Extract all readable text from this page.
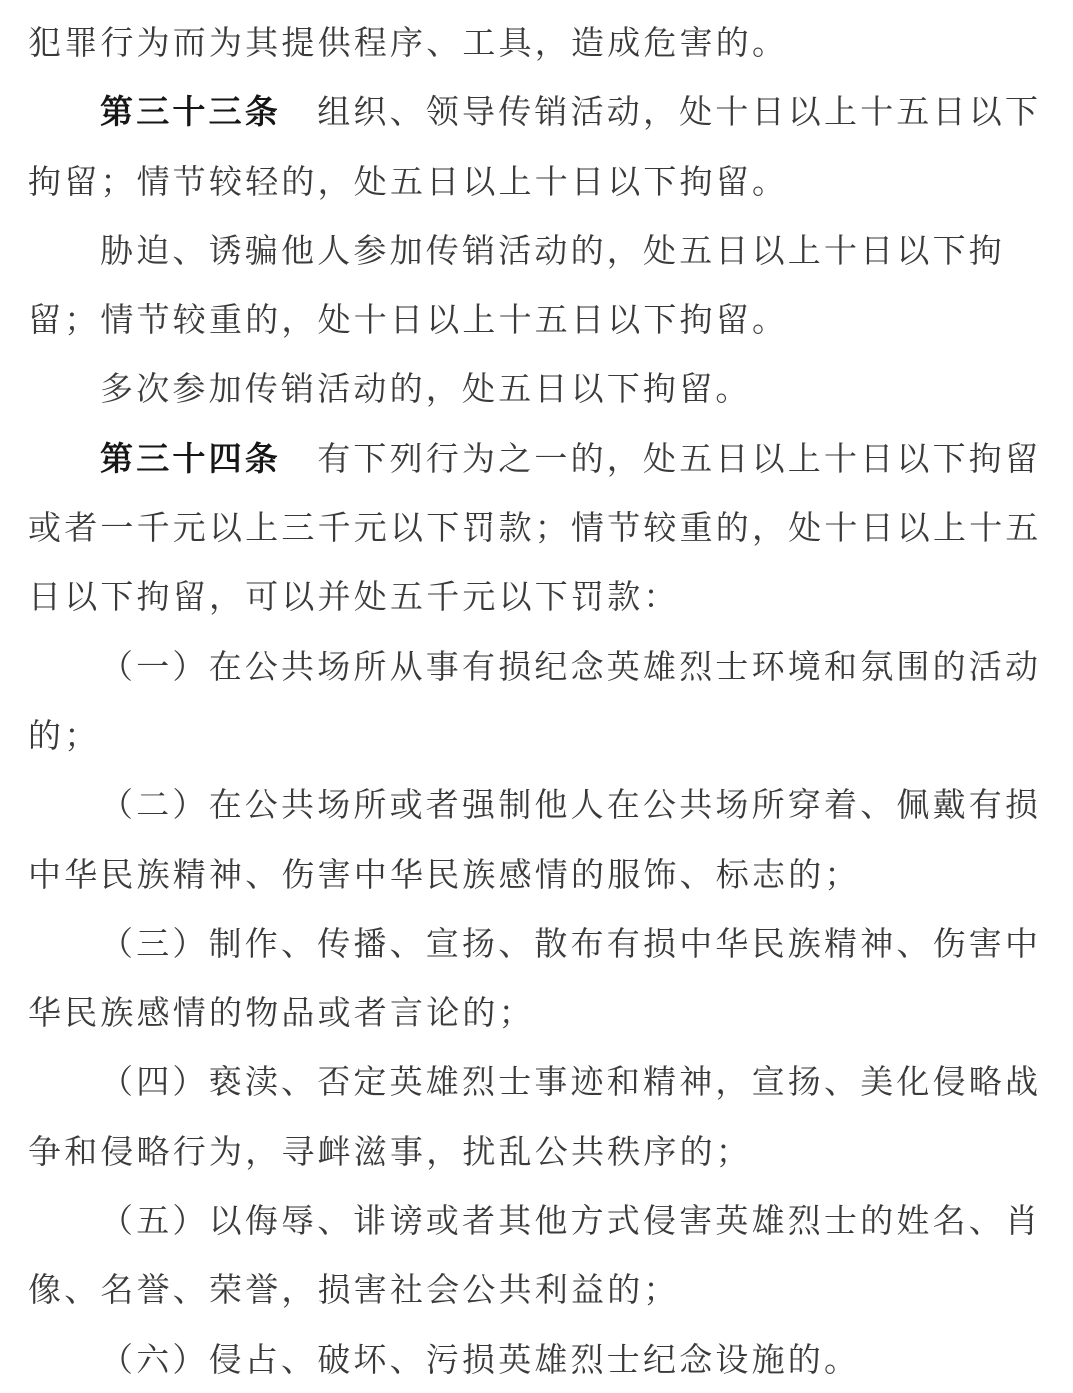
犯罪行为而为其提供程序、工具，造成危害的。
第三十三条　组织、领导传销活动，处十日以上十五日以下
拘留；情节较轻的，处五日以上十日以下拘留。
胁迫、诱骗他人参加传销活动的，处五日以上十日以下拘
留；情节较重的，处十日以上十五日以下拘留。
多次参加传销活动的，处五日以下拘留。
第三十四条　有下列行为之一的，处五日以上十日以下拘留
或者一千元以上三千元以下罚款；情节较重的，处十日以上十五
日以下拘留，可以并处五千元以下罚款：
（一）在公共场所从事有损纪念英雄烈士环境和氛围的活动
的；
（二）在公共场所或者强制他人在公共场所穿着、佩戴有损
中华民族精神、伤害中华民族感情的服饰、标志的；
（三）制作、传播、宣扬、散布有损中华民族精神、伤害中
华民族感情的物品或者言论的；
（四）亵渎、否定英雄烈士事迹和精神，宣扬、美化侵略战
争和侵略行为，寻衅滋事，扰乱公共秩序的；
（五）以侮辱、诽谤或者其他方式侵害英雄烈士的姓名、肖
像、名誉、荣誉，损害社会公共利益的；
（六）侵占、破坏、污损英雄烈士纪念设施的。
